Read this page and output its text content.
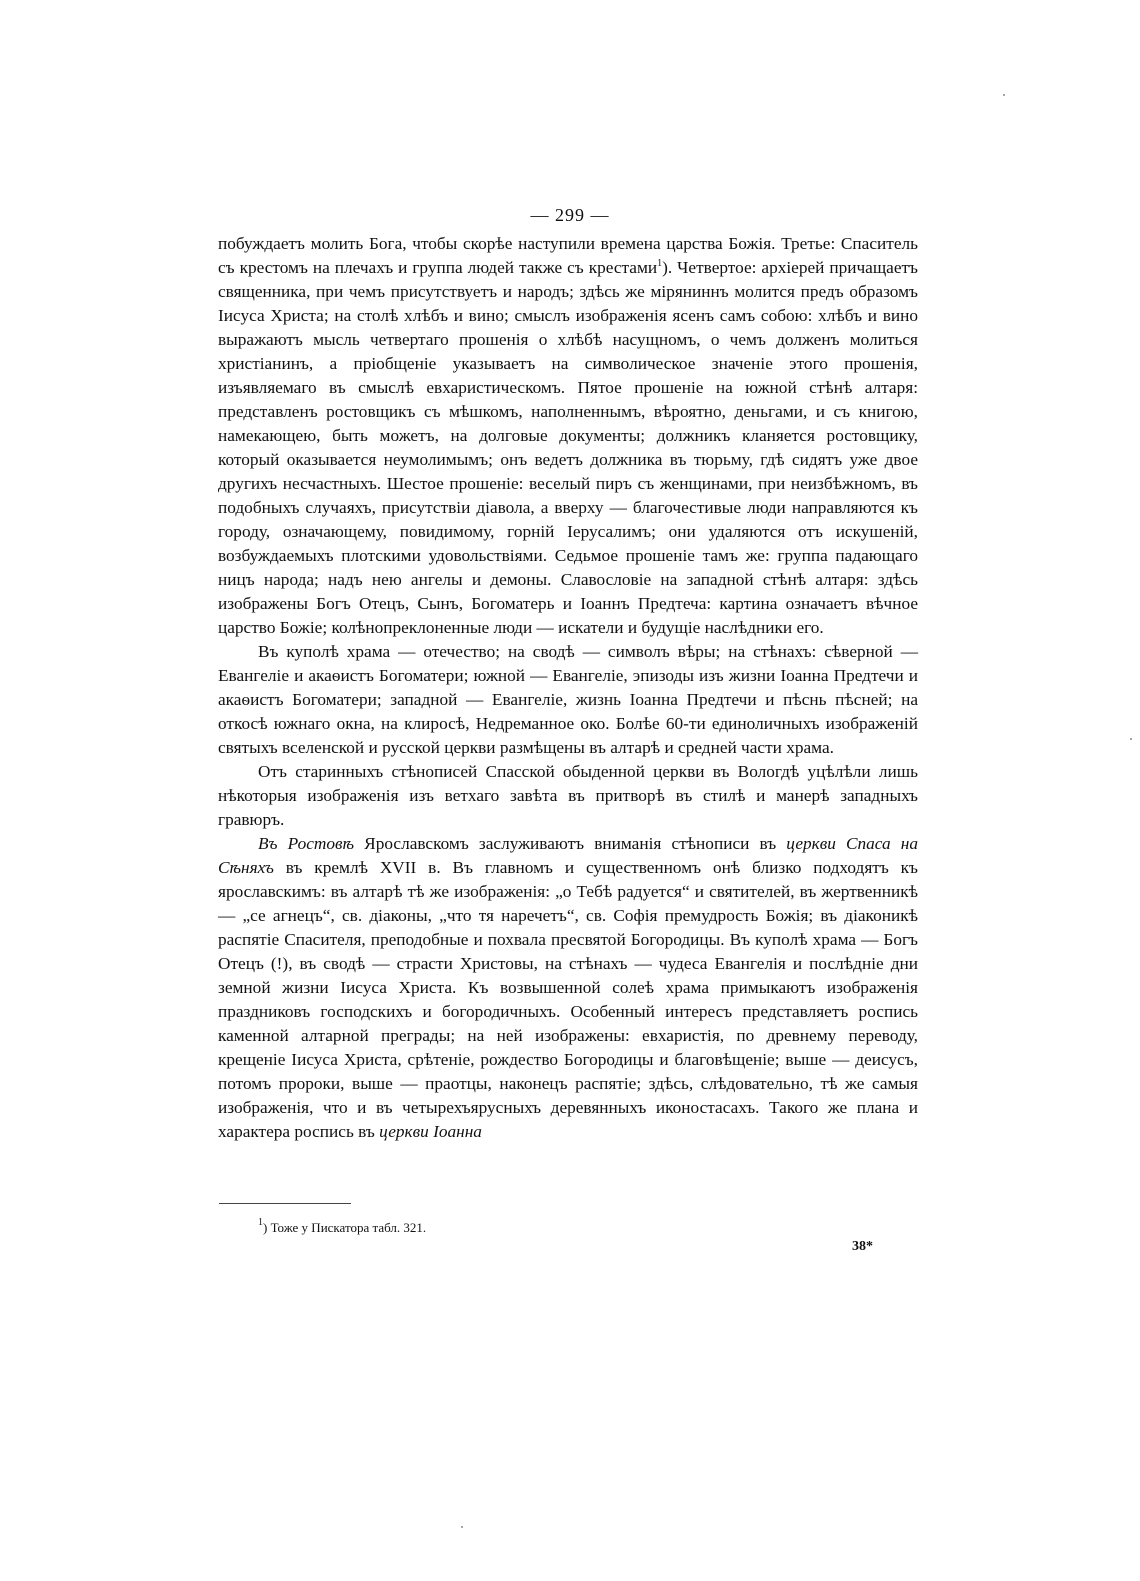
— 299 —

побуждаетъ молить Бога, чтобы скорѣе наступили времена царства Божія. Третье: Спаситель съ крестомъ на плечахъ и группа людей также съ крестами$^1$). Четвертое: архіерей причащаетъ священника, при чемъ присутствуетъ и народъ; здѣсь же міряниннъ молится предъ образомъ Іисуса Христа; на столѣ хлѣбъ и вино; смыслъ изображенія ясенъ самъ собою: хлѣбъ и вино выражаютъ мысль четвертаго прошенія о хлѣбѣ насущномъ, о чемъ долженъ молиться христіанинъ, а пріобщеніе указываетъ на символическое значеніе этого прошенія, изъявляемаго въ смыслѣ евхаристическомъ. Пятое прошеніе на южной стѣнѣ алтаря: представленъ ростовщикъ съ мѣшкомъ, наполненнымъ, вѣроятно, деньгами, и съ книгою, намекающею, быть можетъ, на долговые документы; должникъ кланяется ростовщику, который оказывается неумолимымъ; онъ ведетъ должника въ тюрьму, гдѣ сидятъ уже двое другихъ несчастныхъ. Шестое прошеніе: веселый пиръ съ женщинами, при неизбѣжномъ, въ подобныхъ случаяхъ, присутствіи діавола, а вверху — благочестивые люди направляются къ городу, означающему, повидимому, горній Іерусалимъ; они удаляются отъ искушеній, возбуждаемыхъ плотскими удовольствіями. Седьмое прошеніе тамъ же: группа падающаго ницъ народа; надъ нею ангелы и демоны. Славословіе на западной стѣнѣ алтаря: здѣсь изображены Богъ Отецъ, Сынъ, Богоматерь и Іоаннъ Предтеча: картина означаетъ вѣчное царство Божіе; колѣнопреклоненные люди — искатели и будущіе наслѣдники его.

Въ куполѣ храма — отечество; на сводѣ — символъ вѣры; на стѣнахъ: сѣверной — Евангеліе и акаѳистъ Богоматери; южной — Евангеліе, эпизоды изъ жизни Іоанна Предтечи и акаѳистъ Богоматери; западной — Евангеліе, жизнь Іоанна Предтечи и пѣснь пѣсней; на откосѣ южнаго окна, на клиросѣ, Недреманное око. Болѣе 60-ти единоличныхъ изображеній святыхъ вселенской и русской церкви размѣщены въ алтарѣ и средней части храма.

Отъ старинныхъ стѣнописей Спасской обыденной церкви въ Вологдѣ уцѣлѣли лишь нѣкоторыя изображенія изъ ветхаго завѣта въ притворѣ въ стилѣ и манерѣ западныхъ гравюръ.

Въ Ростовѣ Ярославскомъ заслуживаютъ вниманія стѣнописи въ церкви Спаса на Сѣняхъ въ кремлѣ XVII в. Въ главномъ и существенномъ онѣ близко подходятъ къ ярославскимъ: въ алтарѣ тѣ же изображенія: „о Тебѣ радуется“ и святителей, въ жертвенникѣ — „се агнецъ“, св. діаконы, „что тя наречетъ“, св. Софія премудрость Божія; въ діаконикѣ распятіе Спасителя, преподобные и похвала пресвятой Богородицы. Въ куполѣ храма — Богъ Отецъ (!), въ сводѣ — страсти Христовы, на стѣнахъ — чудеса Евангелія и послѣдніе дни земной жизни Іисуса Христа. Къ возвышенной солеѣ храма примыкаютъ изображенія праздниковъ господскихъ и богородичныхъ. Особенный интересъ представляетъ роспись каменной алтарной преграды; на ней изображены: евхаристія, по древнему переводу, крещеніе Іисуса Христа, срѣтеніе, рождество Богородицы и благовѣщеніе; выше — деисусъ, потомъ пророки, выше — праотцы, наконецъ распятіе; здѣсь, слѣдовательно, тѣ же самыя изображенія, что и въ четырехъярусныхъ деревянныхъ иконостасахъ. Такого же плана и характера роспись въ церкви Іоанна

$^1$) Тоже у Пискатора табл. 321.
38*
